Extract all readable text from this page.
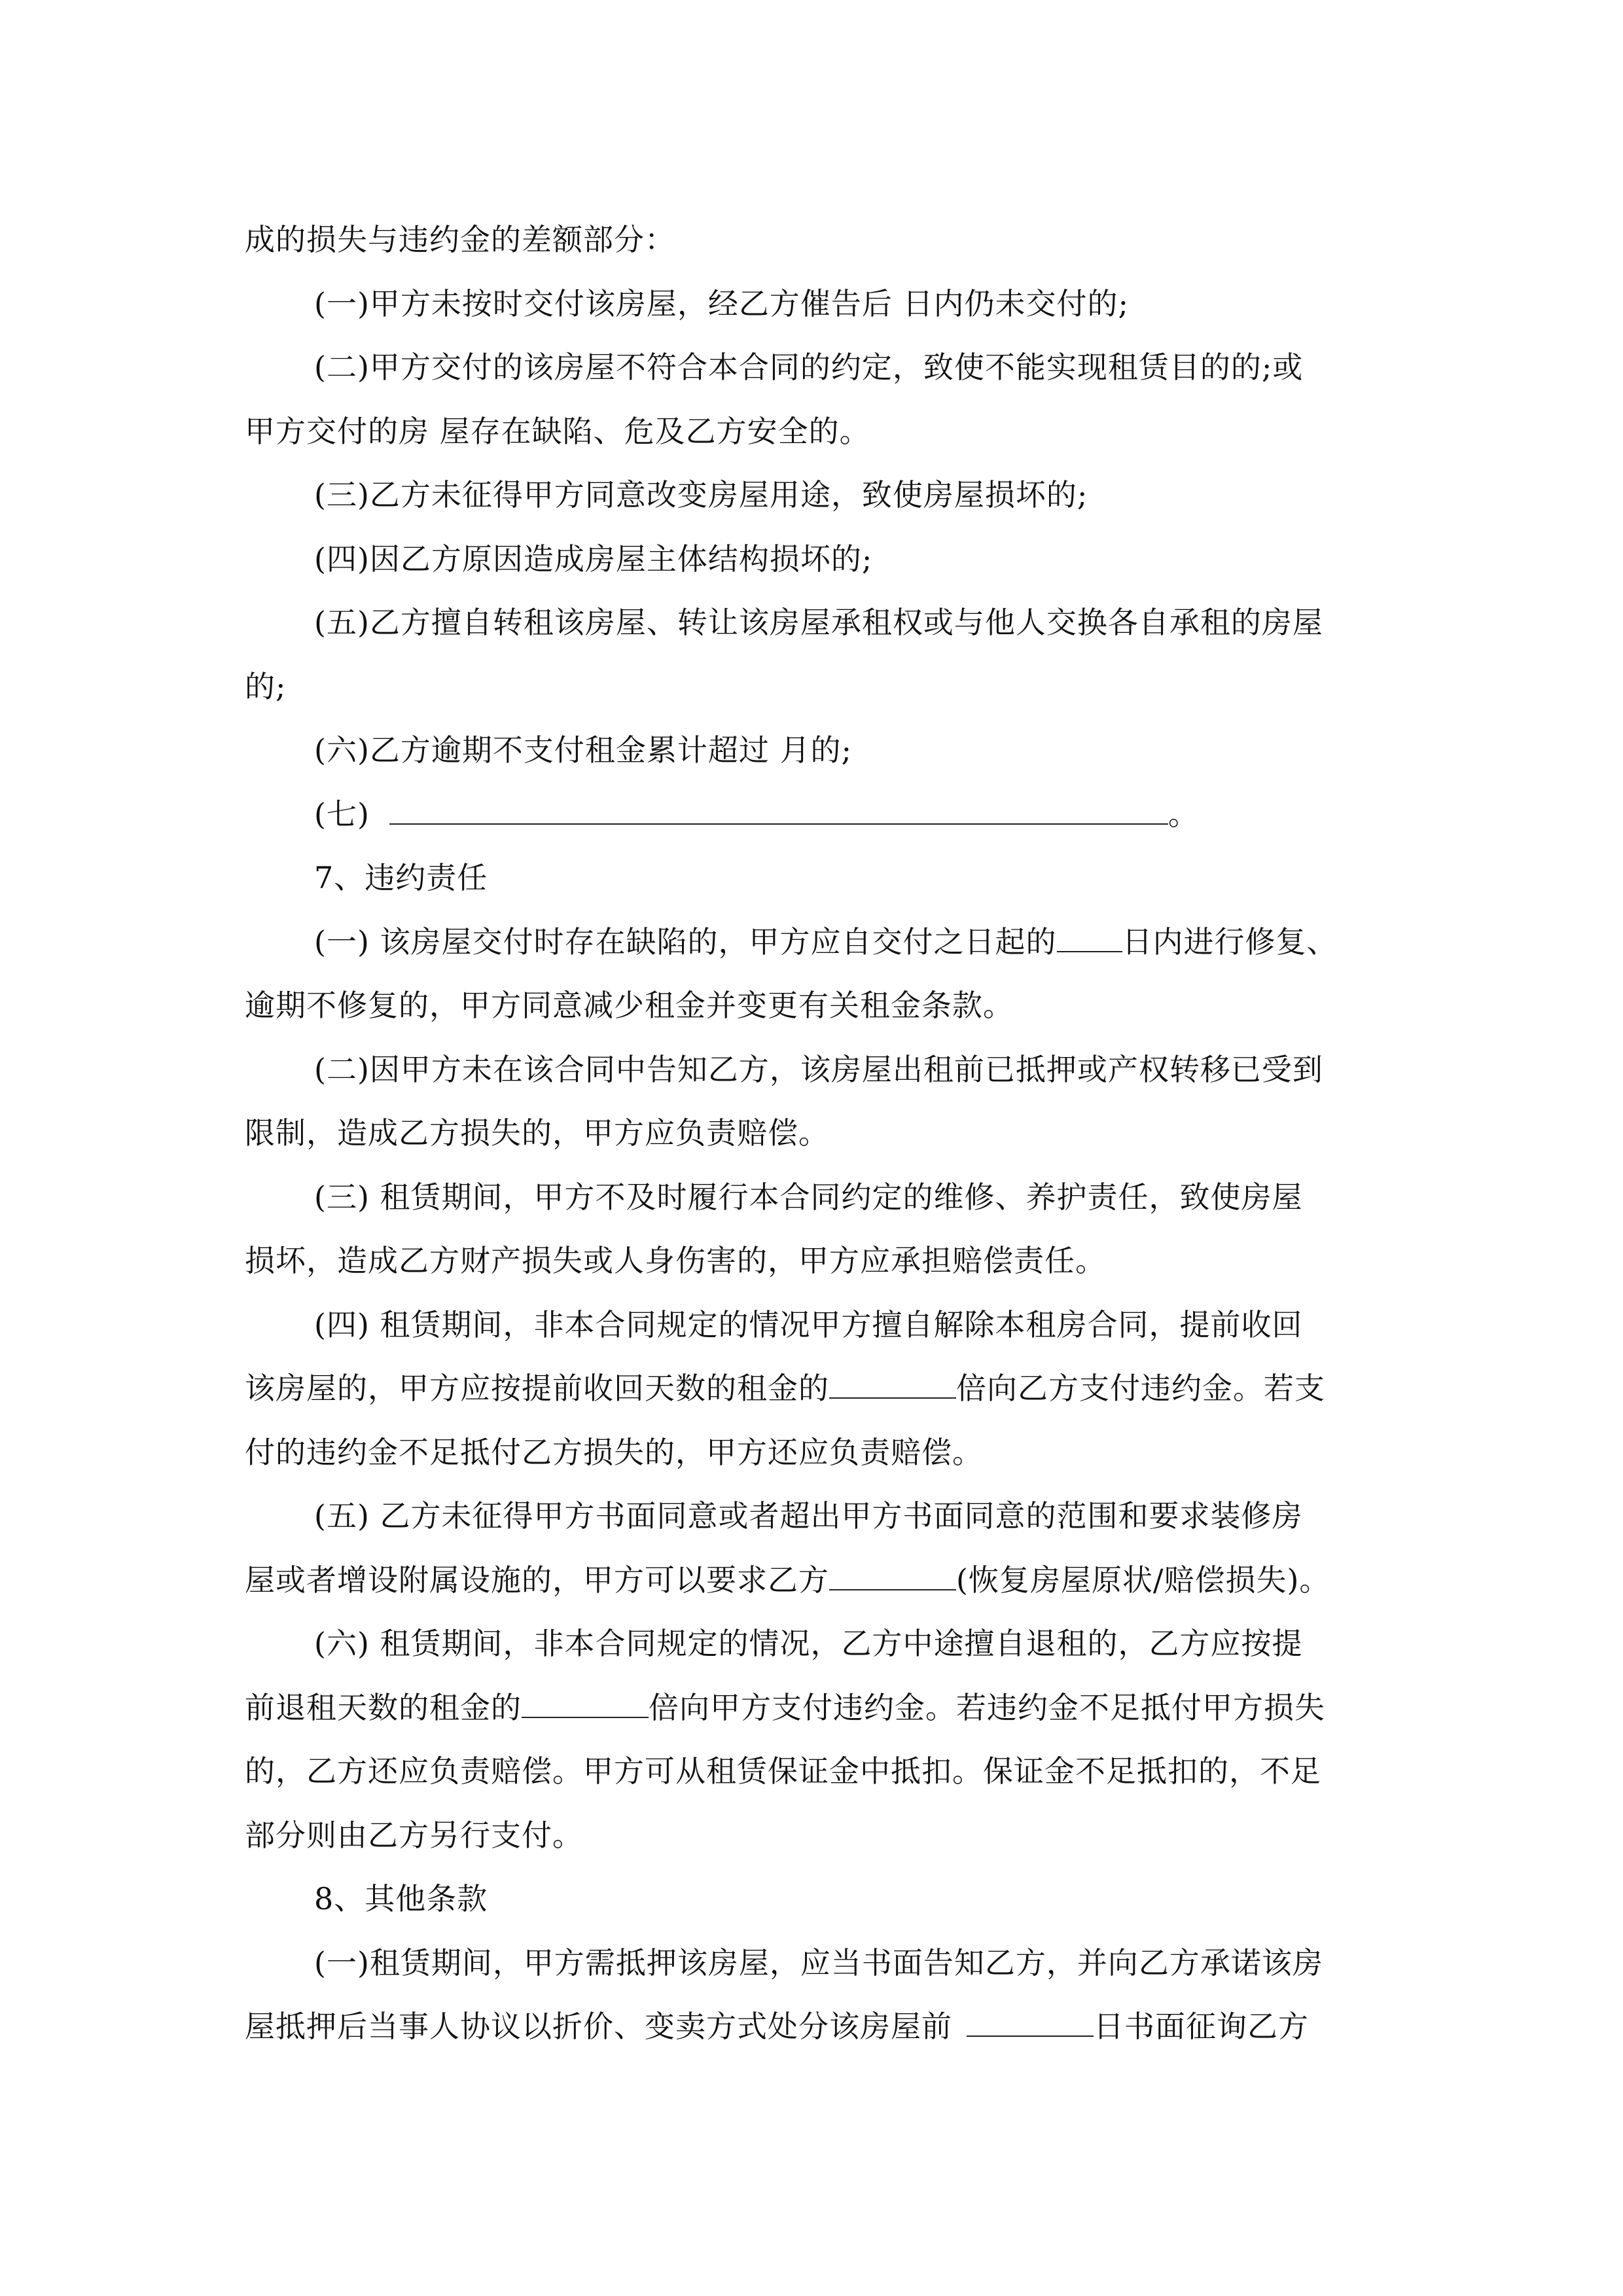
成的损失与违约金的差额部分：
(一)甲方未按时交付该房屋，经乙方催告后 日内仍未交付的;
(二)甲方交付的该房屋不符合本合同的约定，致使不能实现租赁目的的;或
甲方交付的房 屋存在缺陷、危及乙方安全的。
(三)乙方未征得甲方同意改变房屋用途，致使房屋损坏的;
(四)因乙方原因造成房屋主体结构损坏的;
(五)乙方擅自转租该房屋、转让该房屋承租权或与他人交换各自承租的房屋
的;
(六)乙方逾期不支付租金累计超过 月的;
(七)	。
7、违约责任
(一) 该房屋交付时存在缺陷的，甲方应自交付之日起的 日内进行修复、
逾期不修复的，甲方同意减少租金并变更有关租金条款。
(二)因甲方未在该合同中告知乙方，该房屋出租前已抵押或产权转移已受到
限制，造成乙方损失的，甲方应负责赔偿。
(三) 租赁期间，甲方不及时履行本合同约定的维修、养护责任，致使房屋
损坏，造成乙方财产损失或人身伤害的，甲方应承担赔偿责任。
(四) 租赁期间，非本合同规定的情况甲方擅自解除本租房合同，提前收回
该房屋的，甲方应按提前收回天数的租金的	倍向乙方支付违约金。若支
付的违约金不足抵付乙方损失的，甲方还应负责赔偿。
(五) 乙方未征得甲方书面同意或者超出甲方书面同意的范围和要求装修房
屋或者增设附属设施的，甲方可以要求乙方	(恢复房屋原状/赔偿损失)。
(六) 租赁期间，非本合同规定的情况，乙方中途擅自退租的，乙方应按提
前退租天数的租金的	倍向甲方支付违约金。若违约金不足抵付甲方损失
的，乙方还应负责赔偿。甲方可从租赁保证金中抵扣。保证金不足抵扣的，不足
部分则由乙方另行支付。
8、其他条款
(一)租赁期间，甲方需抵押该房屋，应当书面告知乙方，并向乙方承诺该房
屋抵押后当事人协议以折价、变卖方式处分该房屋前	日书面征询乙方
